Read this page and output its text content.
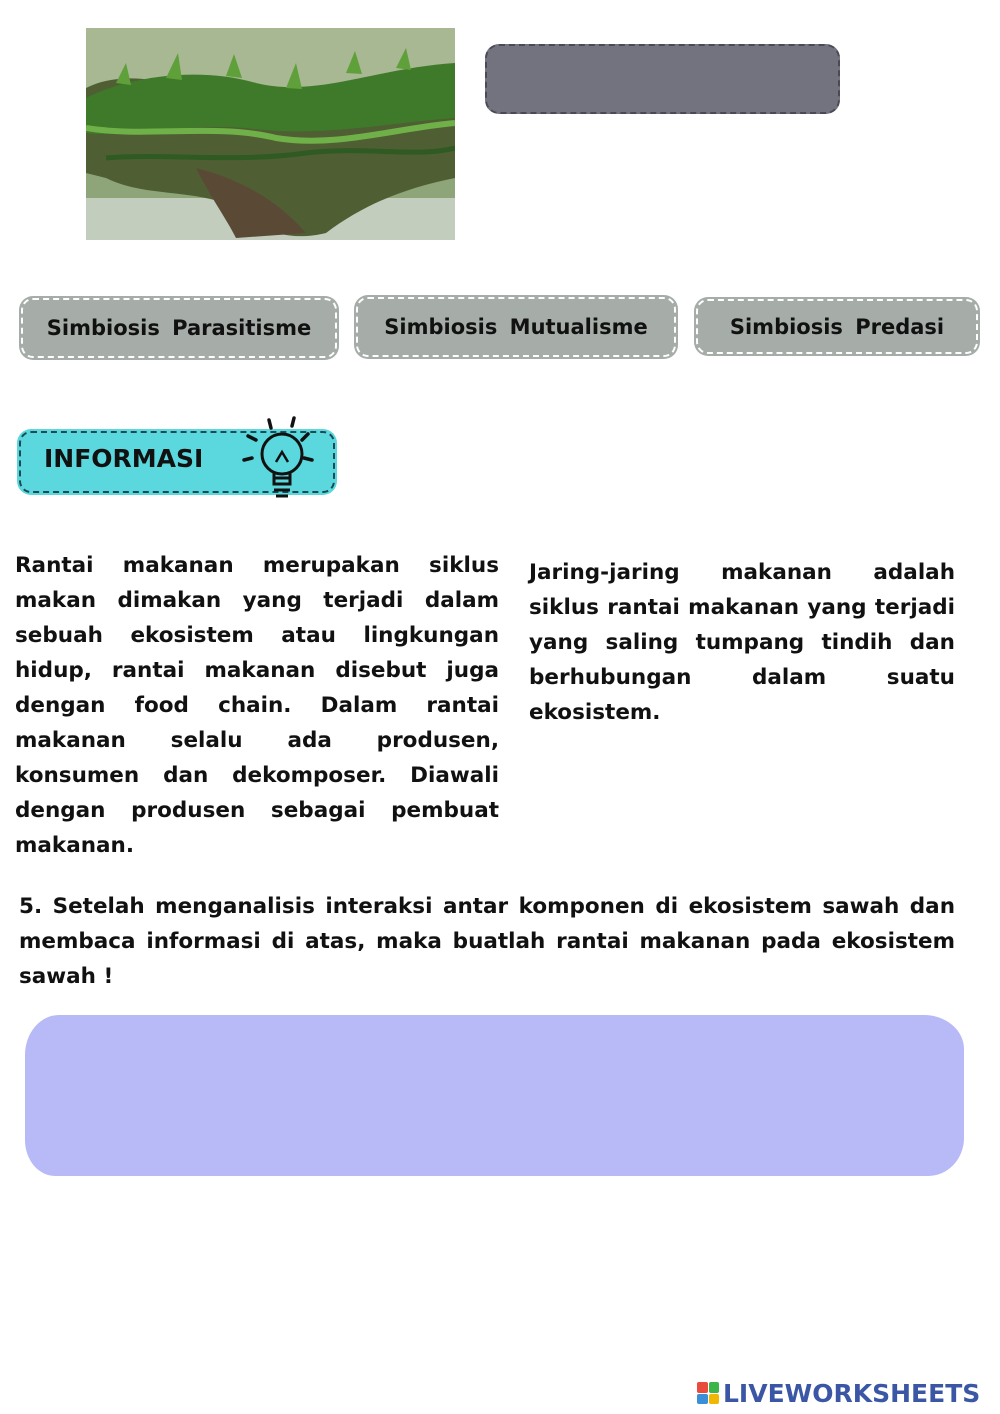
Simbiosis Parasitisme	Simbiosis Mutualisme	Simbiosis Predasi
INFORMASI

Rantai makanan merupakan siklus makan dimakan yang terjadi dalam sebuah ekosistem atau lingkungan hidup, rantai makanan disebut juga dengan food chain. Dalam rantai makanan selalu ada produsen, konsumen dan dekomposer. Diawali dengan produsen sebagai pembuat makanan.

Jaring-jaring makanan adalah siklus rantai makanan yang terjadi yang saling tumpang tindih dan berhubungan dalam suatu ekosistem.

5. Setelah menganalisis interaksi antar komponen di ekosistem sawah dan membaca informasi di atas, maka buatlah rantai makanan pada ekosistem sawah !

LIVEWORKSHEETS
